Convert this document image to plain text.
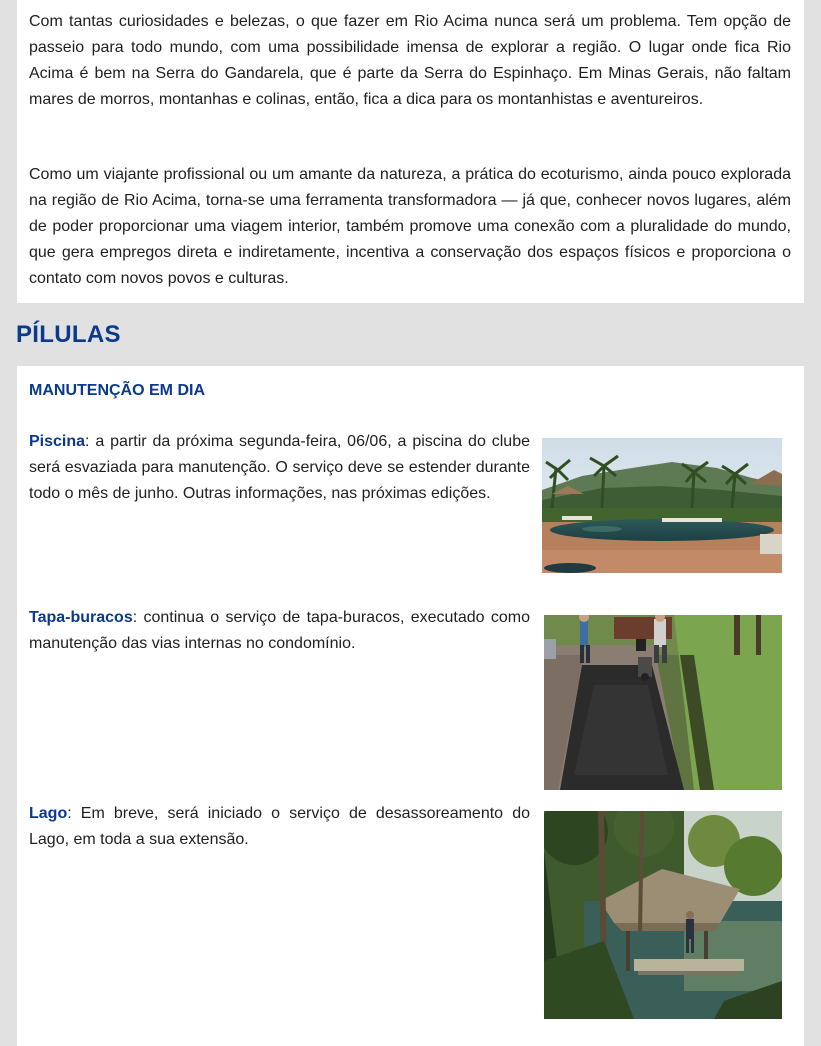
Com tantas curiosidades e belezas, o que fazer em Rio Acima nunca será um problema. Tem opção de passeio para todo mundo, com uma possibilidade imensa de explorar a região. O lugar onde fica Rio Acima é bem na Serra do Gandarela, que é parte da Serra do Espinhaço. Em Minas Gerais, não faltam mares de morros, montanhas e colinas, então, fica a dica para os montanhistas e aventureiros.

Como um viajante profissional ou um amante da natureza, a prática do ecoturismo, ainda pouco explorada na região de Rio Acima, torna-se uma ferramenta transformadora — já que, conhecer novos lugares, além de poder proporcionar uma viagem interior, também promove uma conexão com a pluralidade do mundo, que gera empregos direta e indiretamente, incentiva a conservação dos espaços físicos e proporciona o contato com novos povos e culturas.

PÍLULAS
MANUTENÇÃO EM DIA

Piscina: a partir da próxima segunda-feira, 06/06, a piscina do clube será esvaziada para manutenção. O serviço deve se estender durante todo o mês de junho. Outras informações, nas próximas edições.

Tapa-buracos: continua o serviço de tapa-buracos, executado como manutenção das vias internas no condomínio.

Lago: Em breve, será iniciado o serviço de desassoreamento do Lago, em toda a sua extensão.
